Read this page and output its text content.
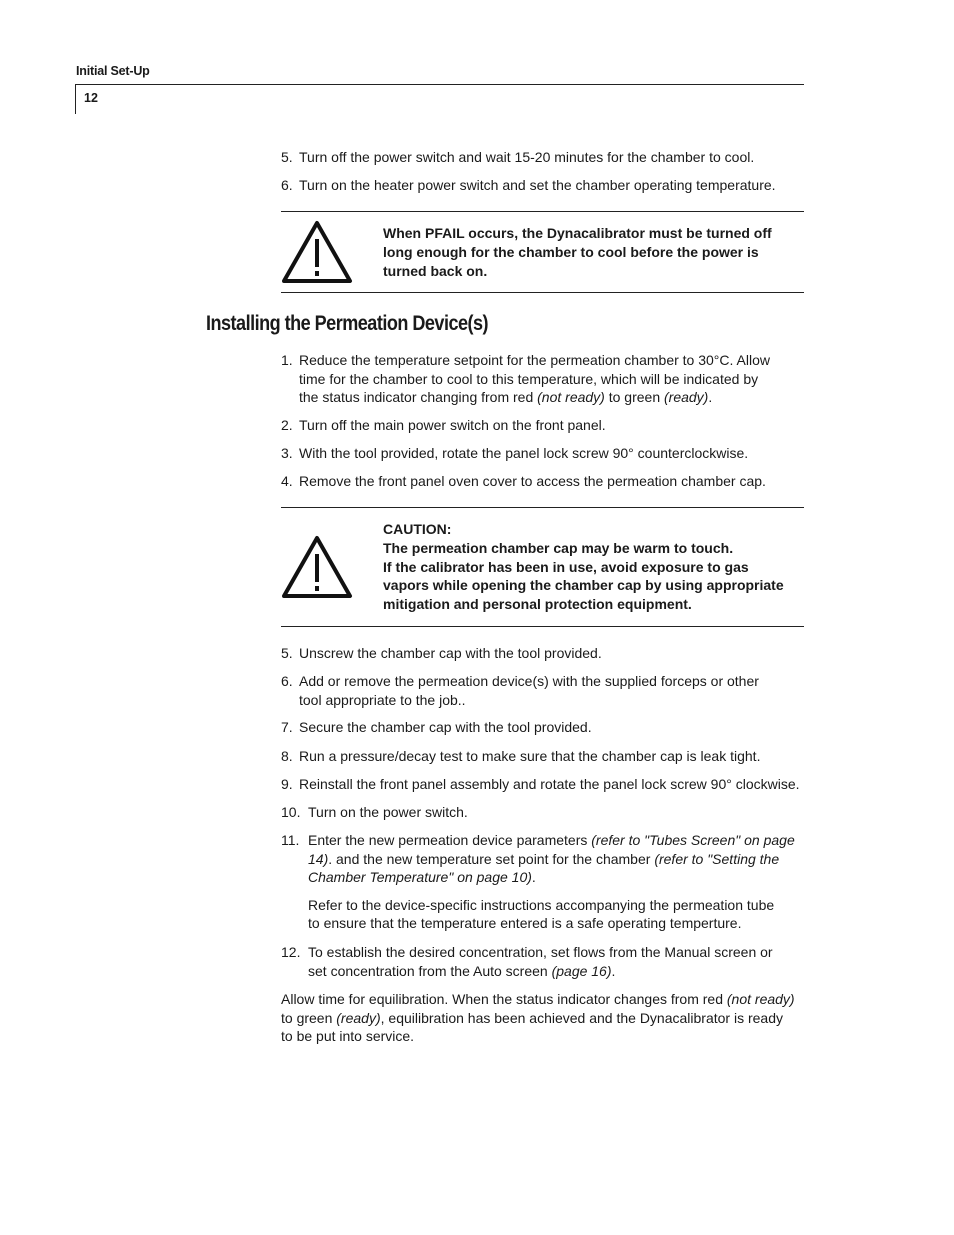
Initial Set-Up
12
5. Turn off the power switch and wait 15-20 minutes for the chamber to cool.
6. Turn on the heater power switch and set the chamber operating temperature.
When PFAIL occurs, the Dynacalibrator must be turned off
long enough for the chamber to cool before the power is
turned back on.
Installing the Permeation Device(s)
1. Reduce the temperature setpoint for the permeation chamber to 30°C. Allow
time for the chamber to cool to this temperature, which will be indicated by
the status indicator changing from red (not ready) to green (ready).
2. Turn off the main power switch on the front panel.
3. With the tool provided, rotate the panel lock screw 90° counterclockwise.
4. Remove the front panel oven cover to access the permeation chamber cap.
CAUTION:
The permeation chamber cap may be warm to touch.
If the calibrator has been in use, avoid exposure to gas
vapors while opening the chamber cap by using appropriate
mitigation and personal protection equipment.
5. Unscrew the chamber cap with the tool provided.
6. Add or remove the permeation device(s) with the supplied forceps or other
tool appropriate to the job..
7. Secure the chamber cap with the tool provided.
8. Run a pressure/decay test to make sure that the chamber cap is leak tight.
9. Reinstall the front panel assembly and rotate the panel lock screw 90° clockwise.
10. Turn on the power switch.
11. Enter the new permeation device parameters (refer to "Tubes Screen" on page
14). and the new temperature set point for the chamber (refer to "Setting the
Chamber Temperature" on page 10).
Refer to the device-specific instructions accompanying the permeation tube
to ensure that the temperature entered is a safe operating temperture.
12. To establish the desired concentration, set flows from the Manual screen or
set concentration from the Auto screen (page 16).
Allow time for equilibration. When the status indicator changes from red (not ready)
to green (ready), equilibration has been achieved and the Dynacalibrator is ready
to be put into service.
